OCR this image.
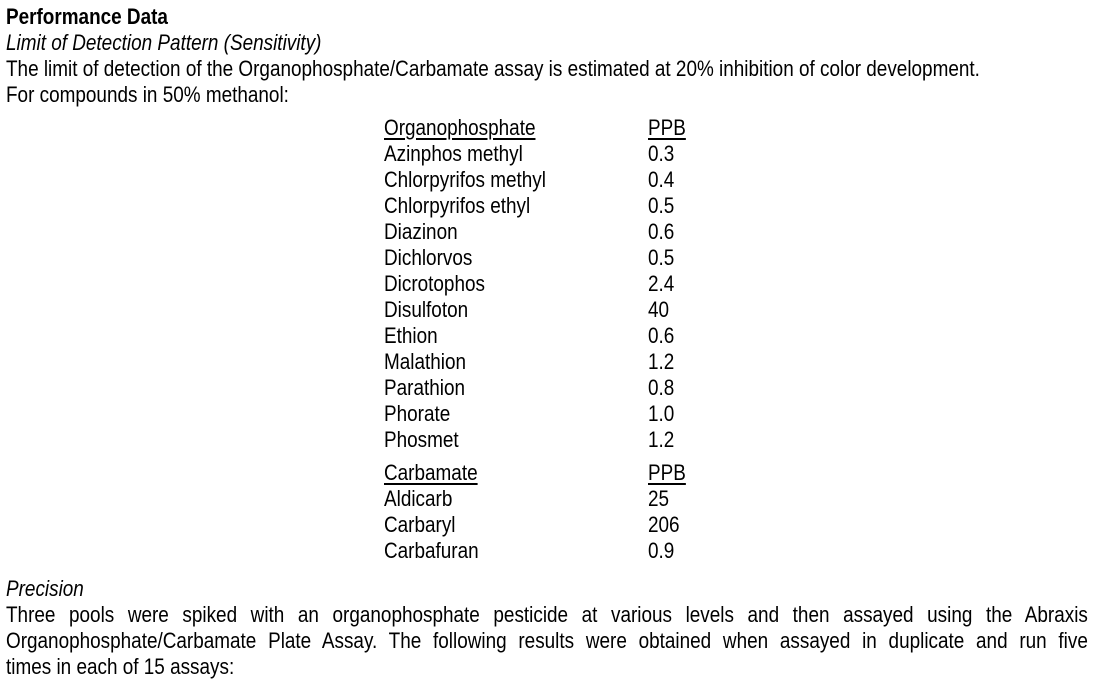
Performance Data
Limit of Detection Pattern (Sensitivity)
The limit of detection of the Organophosphate/Carbamate assay is estimated at 20% inhibition of color development.
For compounds in 50% methanol:
Organophosphate	PPB
Azinphos methyl	0.3
Chlorpyrifos methyl	0.4
Chlorpyrifos ethyl	0.5
Diazinon	0.6
Dichlorvos	0.5
Dicrotophos	2.4
Disulfoton	40
Ethion	0.6
Malathion	1.2
Parathion	0.8
Phorate	1.0
Phosmet	1.2
Carbamate	PPB
Aldicarb	25
Carbaryl	206
Carbafuran	0.9
Precision
Three pools were spiked with an organophosphate pesticide at various levels and then assayed using the Abraxis
Organophosphate/Carbamate Plate Assay. The following results were obtained when assayed in duplicate and run five
times in each of 15 assays:
